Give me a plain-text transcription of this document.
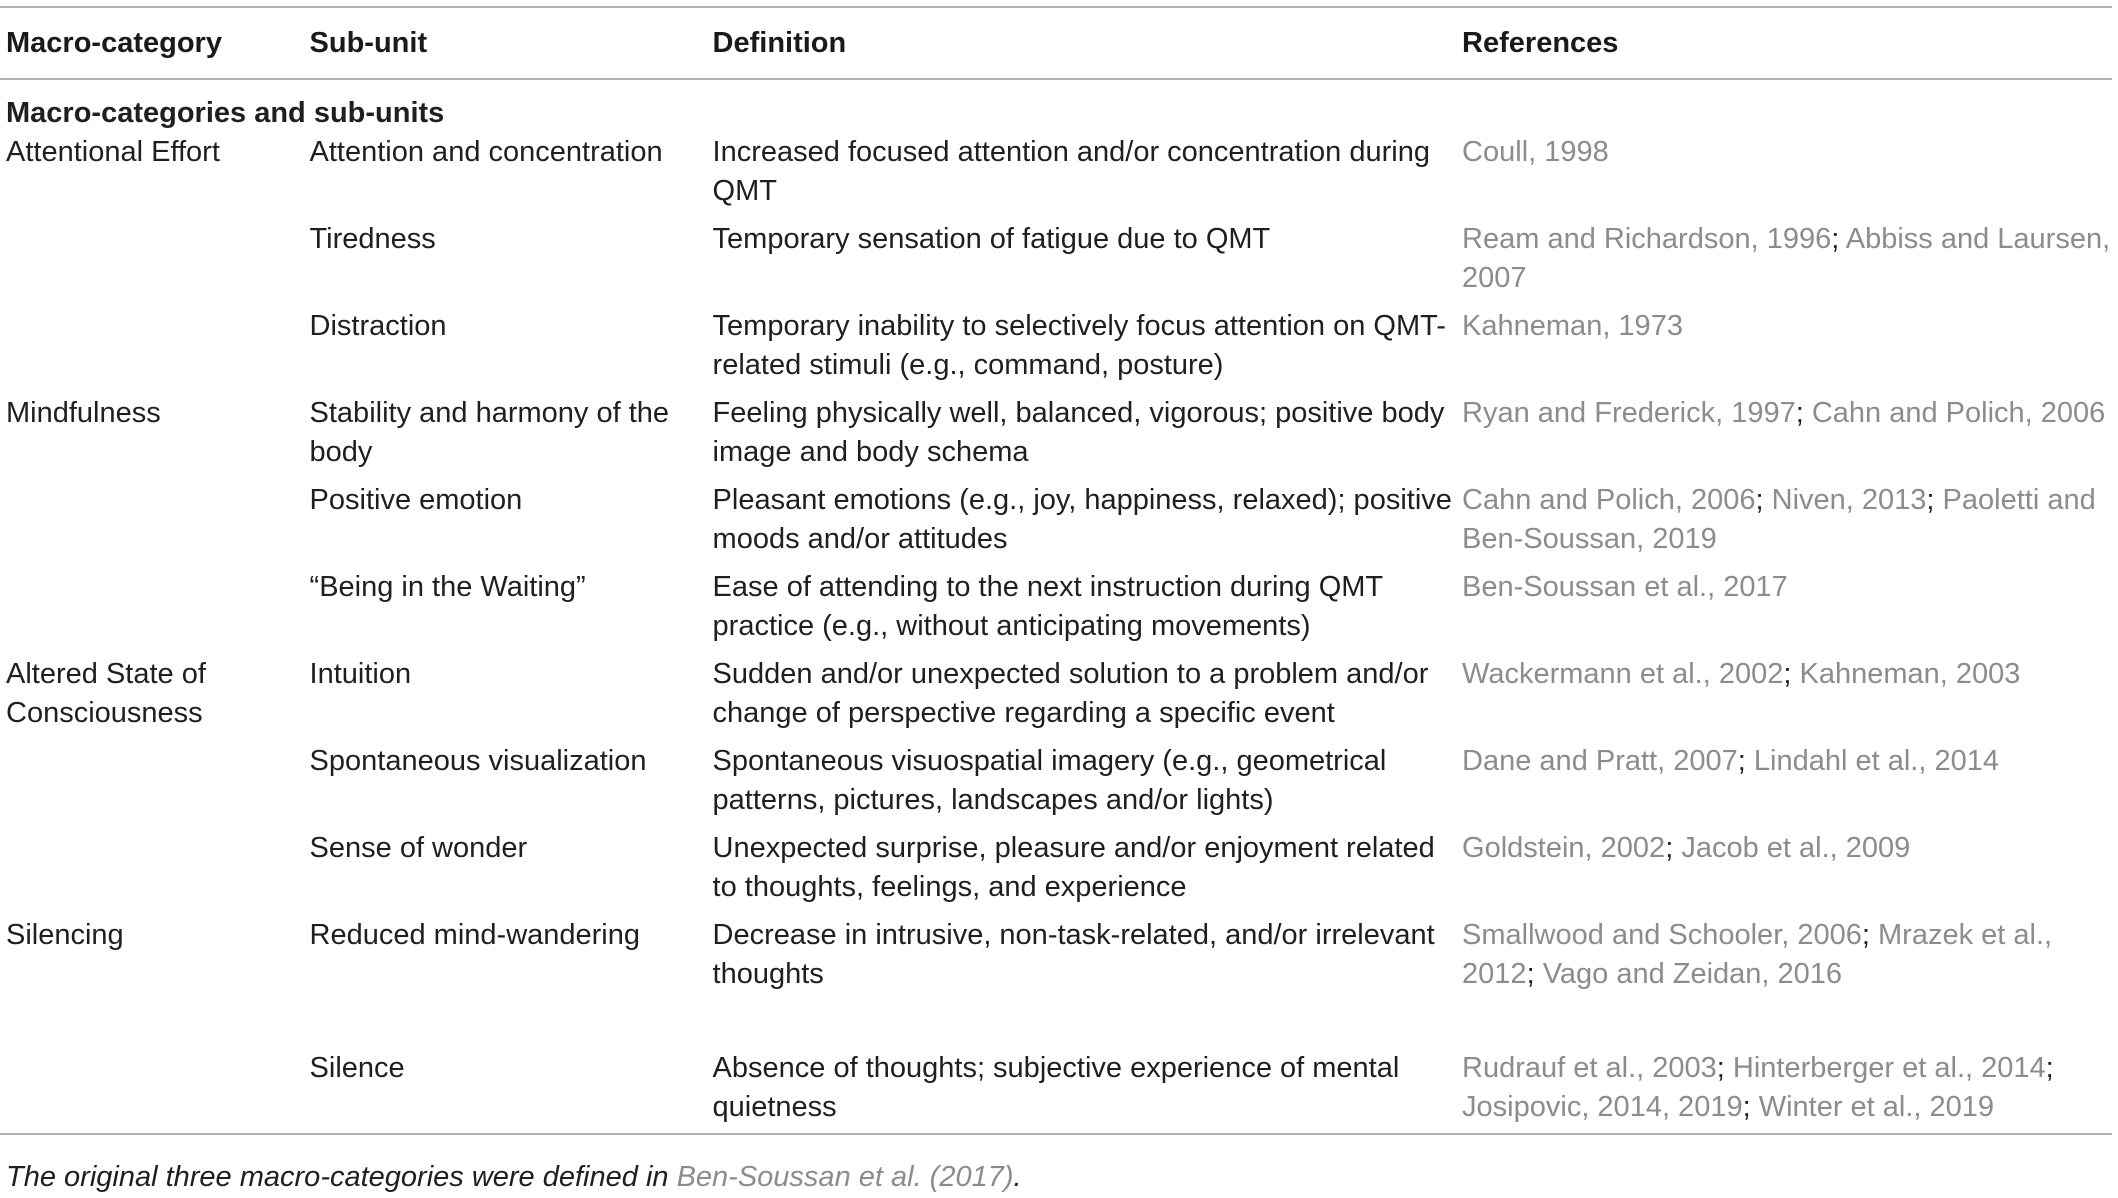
Macro-category	Sub-unit	Definition	References
Macro-categories and sub-units			
Attentional Effort	Attention and concentration	Increased focused attention and/or concentration during QMT	Coull, 1998
	Tiredness	Temporary sensation of fatigue due to QMT	Ream and Richardson, 1996; Abbiss and Laursen, 2007
	Distraction	Temporary inability to selectively focus attention on QMT-related stimuli (e.g., command, posture)	Kahneman, 1973
Mindfulness	Stability and harmony of the body	Feeling physically well, balanced, vigorous; positive body image and body schema	Ryan and Frederick, 1997; Cahn and Polich, 2006
	Positive emotion	Pleasant emotions (e.g., joy, happiness, relaxed); positive moods and/or attitudes	Cahn and Polich, 2006; Niven, 2013; Paoletti and Ben-Soussan, 2019
	“Being in the Waiting”	Ease of attending to the next instruction during QMT practice (e.g., without anticipating movements)	Ben-Soussan et al., 2017
Altered State of Consciousness	Intuition	Sudden and/or unexpected solution to a problem and/or change of perspective regarding a specific event	Wackermann et al., 2002; Kahneman, 2003
	Spontaneous visualization	Spontaneous visuospatial imagery (e.g., geometrical patterns, pictures, landscapes and/or lights)	Dane and Pratt, 2007; Lindahl et al., 2014
	Sense of wonder	Unexpected surprise, pleasure and/or enjoyment related to thoughts, feelings, and experience	Goldstein, 2002; Jacob et al., 2009
Silencing	Reduced mind-wandering	Decrease in intrusive, non-task-related, and/or irrelevant thoughts	Smallwood and Schooler, 2006; Mrazek et al., 2012; Vago and Zeidan, 2016
	Silence	Absence of thoughts; subjective experience of mental quietness	Rudrauf et al., 2003; Hinterberger et al., 2014; Josipovic, 2014, 2019; Winter et al., 2019
The original three macro-categories were defined in Ben-Soussan et al. (2017).
